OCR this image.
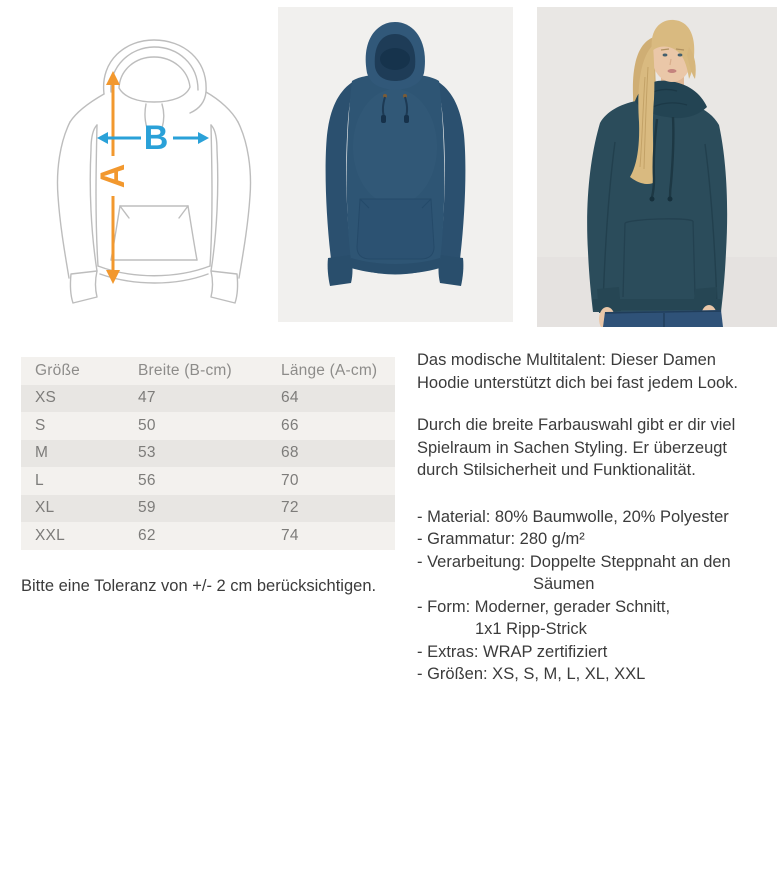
A
B
Größe	Breite (B-cm)	Länge (A-cm)
XS	47	64
S	50	66
M	53	68
L	56	70
XL	59	72
XXL	62	74
Bitte eine Toleranz von +/- 2 cm berücksichtigen.
Das modische Multitalent: Dieser Damen
Hoodie unterstützt dich bei fast jedem Look.
Durch die breite Farbauswahl gibt er dir viel
Spielraum in Sachen Styling. Er überzeugt
durch Stilsicherheit und Funktionalität.
- Material: 80% Baumwolle, 20% Polyester
- Grammatur: 280 g/m²
- Verarbeitung: Doppelte Steppnaht an den
Säumen
- Form: Moderner, gerader Schnitt,
1x1 Ripp-Strick
- Extras: WRAP zertifiziert
- Größen: XS, S, M, L, XL, XXL
